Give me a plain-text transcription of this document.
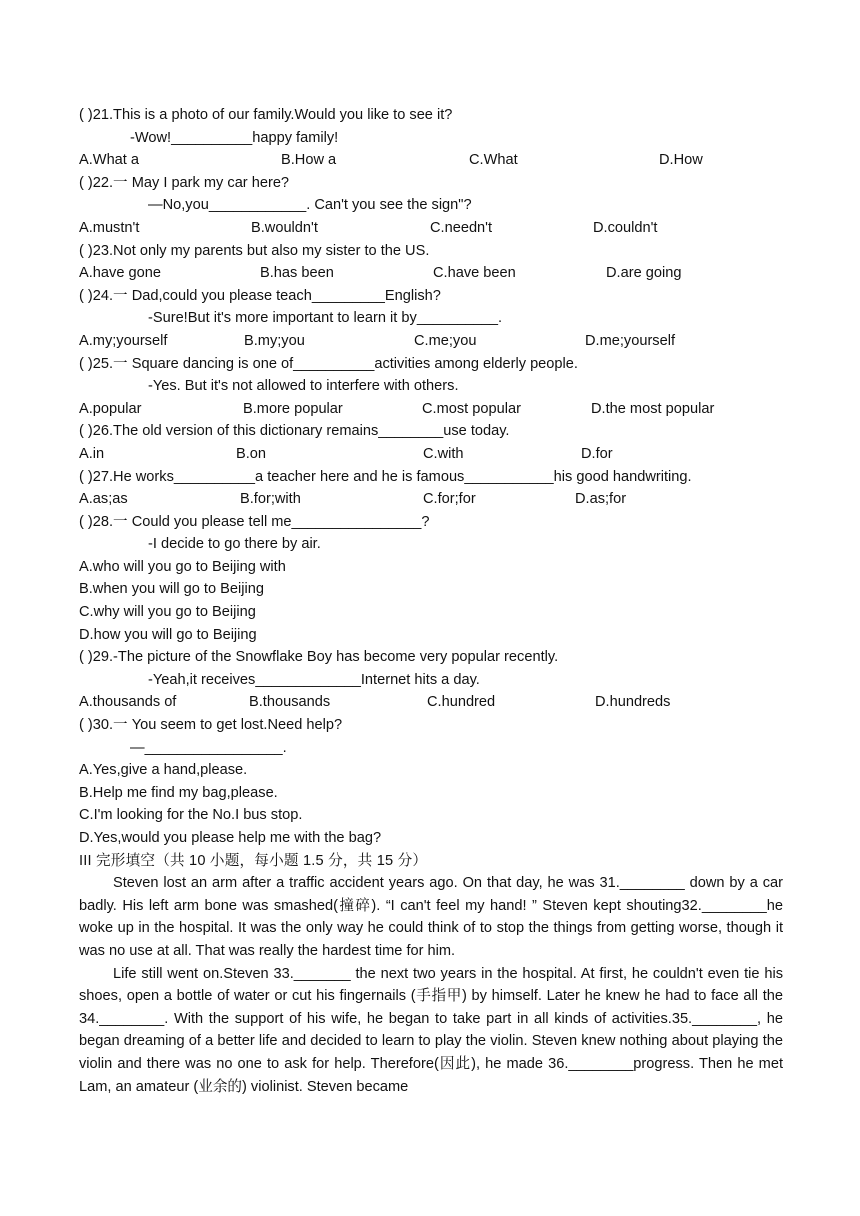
( )21.This is a photo of our family.Would you like to see it?
-Wow!__________happy family!
A.What a	B.How a	C.What	D.How
( )22.一 May I park my car here?
—No,you____________. Can't you see the sign"?
A.mustn't	B.wouldn't	C.needn't	D.couldn't
( )23.Not only my parents but also my sister to the US.
A.have gone	B.has been	C.have been	D.are going
( )24.一 Dad,could you please teach_________English?
-Sure!But it's more important to learn it by__________.
A.my;yourself	B.my;you	C.me;you	D.me;yourself
( )25.一 Square dancing is one of__________activities among elderly people.
-Yes. But it's not allowed to interfere with others.
A.popular	B.more popular	C.most popular	D.the most popular
( )26.The old version of this dictionary remains________use today.
A.in	B.on	C.with	D.for
( )27.He works__________a teacher here and he is famous___________his good handwriting.
A.as;as	B.for;with	C.for;for	D.as;for
( )28.一 Could you please tell me________________?
-I decide to go there by air.
A.who will you go to Beijing with
B.when you will go to Beijing
C.why will you go to Beijing
D.how you will go to Beijing
( )29.-The picture of the Snowflake Boy has become very popular recently.
-Yeah,it receives_____________Internet hits a day.
A.thousands of	B.thousands	C.hundred	D.hundreds
( )30.一 You seem to get lost.Need help?
—_________________.
A.Yes,give a hand,please.
B.Help me find my bag,please.
C.I'm looking for the No.I bus stop.
D.Yes,would you please help me with the bag?
III 完形填空（共 10 小题，每小题 1.5 分，共 15 分）

Steven lost an arm after a traffic accident years ago. On that day, he was 31.________ down by a car badly. His left arm bone was smashed(撞碎). “I can't feel my hand! ” Steven kept shouting32.________he woke up in the hospital. It was the only way he could think of to stop the things from getting worse, though it was no use at all. That was really the hardest time for him.

Life still went on.Steven 33._______ the next two years in the hospital. At first, he couldn't even tie his shoes, open a bottle of water or cut his fingernails (手指甲) by himself. Later he knew he had to face all the 34.________. With the support of his wife, he began to take part in all kinds of activities.35.________, he began dreaming of a better life and decided to learn to play the violin. Steven knew nothing about playing the violin and there was no one to ask for help. Therefore(因此), he made 36.________progress. Then he met Lam, an amateur (业余的) violinist. Steven became
